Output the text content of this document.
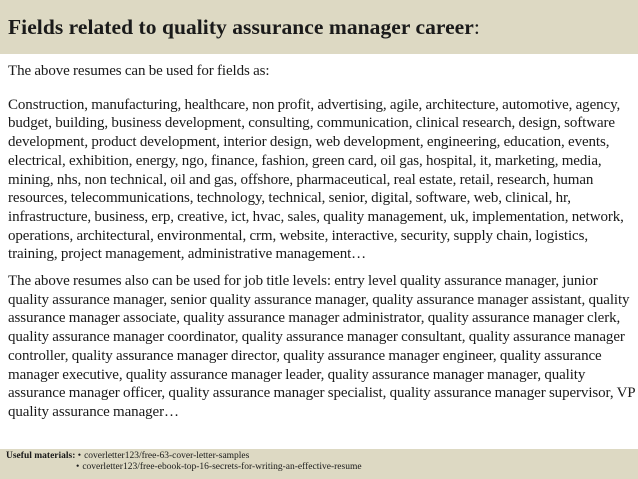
Fields related to quality assurance manager career:

The above resumes can be used for fields as:

Construction, manufacturing, healthcare, non profit, advertising, agile, architecture, automotive, agency, budget, building, business development, consulting, communication, clinical research, design, software development, product development, interior design, web development, engineering, education, events, electrical, exhibition, energy, ngo, finance, fashion, green card, oil gas, hospital, it, marketing, media, mining, nhs, non technical, oil and gas, offshore, pharmaceutical, real estate, retail, research, human resources, telecommunications, technology, technical, senior, digital, software, web, clinical, hr, infrastructure, business, erp, creative, ict, hvac, sales, quality management, uk, implementation, network, operations, architectural, environmental, crm, website, interactive, security, supply chain, logistics, training, project management, administrative management…

The above resumes also can be used for job title levels: entry level quality assurance manager, junior quality assurance manager, senior quality assurance manager, quality assurance manager assistant, quality assurance manager associate, quality assurance manager administrator, quality assurance manager clerk, quality assurance manager coordinator, quality assurance manager consultant, quality assurance manager controller, quality assurance manager director, quality assurance manager engineer, quality assurance manager executive, quality assurance manager leader, quality assurance manager manager, quality assurance manager officer, quality assurance manager specialist, quality assurance manager supervisor, VP quality assurance manager…

Useful materials: • coverletter123/free-63-cover-letter-samples
• coverletter123/free-ebook-top-16-secrets-for-writing-an-effective-resume
